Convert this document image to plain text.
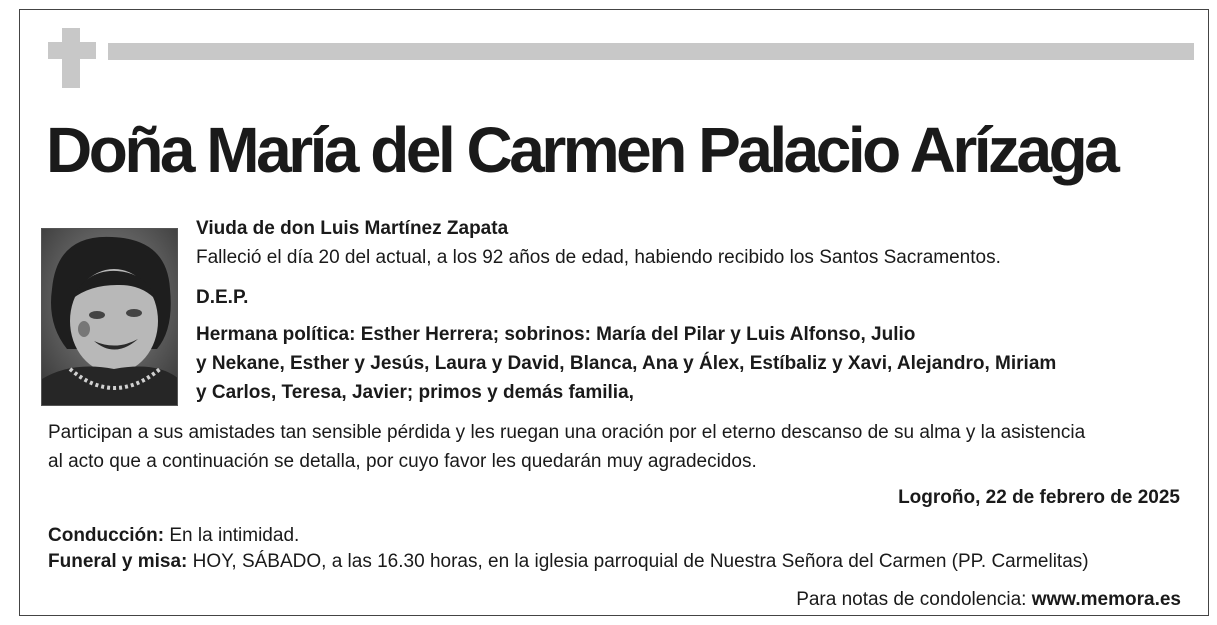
Doña María del Carmen Palacio Arízaga
Viuda de don Luis Martínez Zapata
Falleció el día 20 del actual, a los 92 años de edad, habiendo recibido los Santos Sacramentos.
D.E.P.
Hermana política: Esther Herrera; sobrinos: María del Pilar y Luis Alfonso, Julio
y Nekane, Esther y Jesús, Laura y David, Blanca, Ana y Álex, Estíbaliz y Xavi, Alejandro, Miriam
y Carlos, Teresa, Javier; primos y demás familia,
Participan a sus amistades tan sensible pérdida y les ruegan una oración por el eterno descanso de su alma y la asistencia
al acto que a continuación se detalla, por cuyo favor les quedarán muy agradecidos.
Logroño, 22 de febrero de 2025
Conducción: En la intimidad.
Funeral y misa: HOY, SÁBADO, a las 16.30 horas, en la iglesia parroquial de Nuestra Señora del Carmen (PP. Carmelitas)
Para notas de condolencia: www.memora.es
